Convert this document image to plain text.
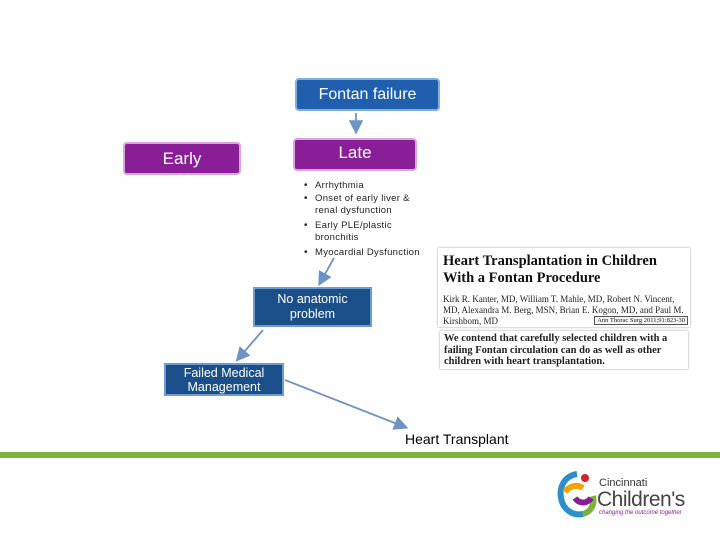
Fontan failure
Early	Late
• Arrhythmia
• Onset of early liver & renal dysfunction
• Early PLE/plastic bronchitis
• Myocardial Dysfunction
No anatomic problem
Failed Medical Management
Heart Transplant
Heart Transplantation in Children With a Fontan Procedure
Kirk R. Kanter, MD, William T. Mahle, MD, Robert N. Vincent, MD, Alexandra M. Berg, MSN, Brian E. Kogon, MD, and Paul M. Kirshbom, MD	Ann Thorac Surg 2011;91:823-30
We contend that carefully selected children with a failing Fontan circulation can do as well as other children with heart transplantation.
Cincinnati
Children's
changing the outcome together
